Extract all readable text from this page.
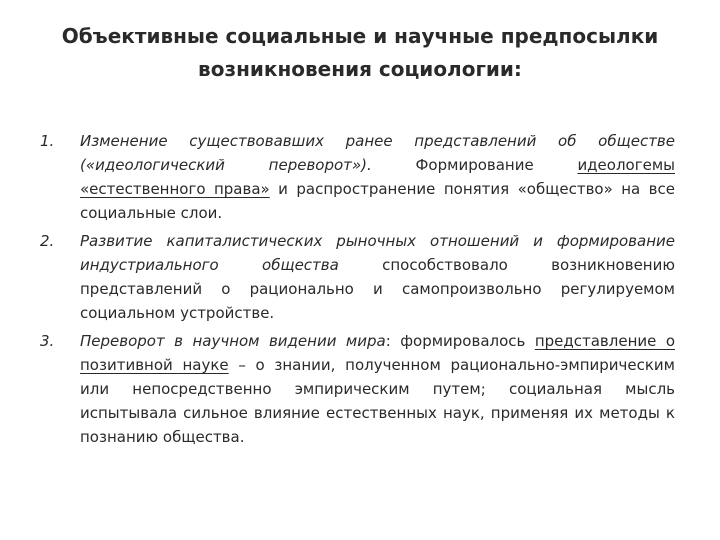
Объективные социальные и научные предпосылки
возникновения социологии:
1.	Изменение существовавших ранее представлений об обществе («идеологический переворот»). Формирование идеологемы «естественного права» и распространение понятия «общество» на все социальные слои.
2.	Развитие капиталистических рыночных отношений и формирование индустриального общества способствовало возникновению представлений о рационально и самопроизвольно регулируемом социальном устройстве.
3.	Переворот в научном видении мира: формировалось представление о позитивной науке – о знании, полученном рационально-эмпирическим или непосредственно эмпирическим путем; социальная мысль испытывала сильное влияние естественных наук, применяя их методы к познанию общества.
